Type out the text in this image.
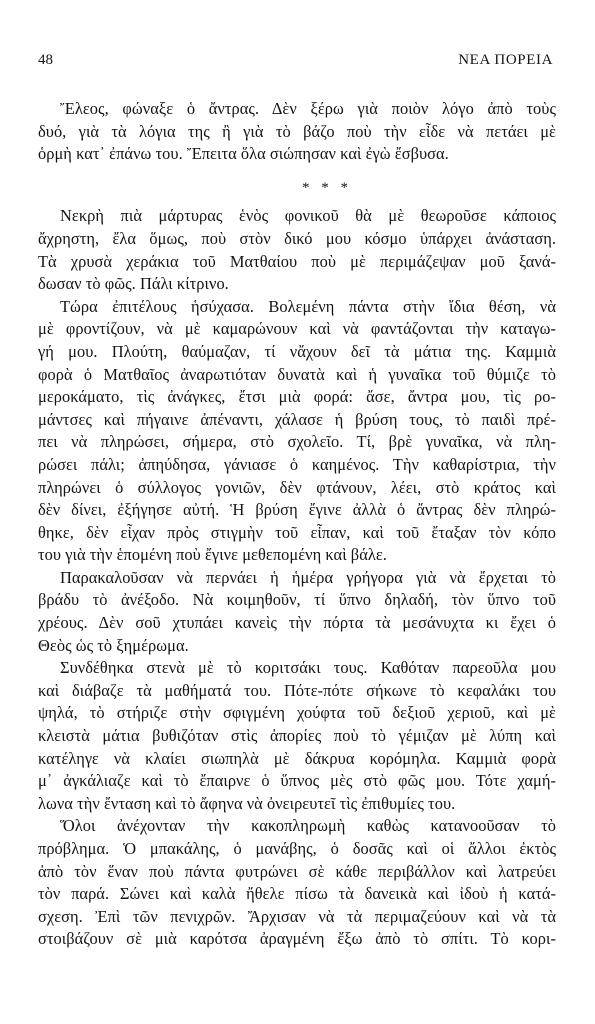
48	ΝΕΑ ΠΟΡΕΙΑ
Ἔλεος, φώναξε ὁ ἄντρας. Δὲν ξέρω γιὰ ποιὸν λόγο ἀπὸ τοὺς
δυό, γιὰ τὰ λόγια της ἢ γιὰ τὸ βάζο ποὺ τὴν εἶδε νὰ πετάει μὲ
ὁρμὴ κατ᾽ ἐπάνω του. Ἔπειτα ὅλα σιώπησαν καὶ ἐγὼ ἔσβυσα.
* * *
Νεκρὴ πιὰ μάρτυρας ἑνὸς φονικοῦ θὰ μὲ θεωροῦσε κάποιος
ἄχρηστη, ἔλα ὅμως, ποὺ στὸν δικό μου κόσμο ὑπάρχει ἀνάσταση.
Τὰ χρυσὰ χεράκια τοῦ Ματθαίου ποὺ μὲ περιμάζεψαν μοῦ ξανά-
δωσαν τὸ φῶς. Πάλι κίτρινο.
Τώρα ἐπιτέλους ἡσύχασα. Βολεμένη πάντα στὴν ἴδια θέση, νὰ
μὲ φροντίζουν, νὰ μὲ καμαρώνουν καὶ νὰ φαντάζονται τὴν καταγω-
γή μου. Πλούτη, θαύμαζαν, τί νἄχουν δεῖ τὰ μάτια της. Καμμιὰ
φορὰ ὁ Ματθαῖος ἀναρωτιόταν δυνατὰ καὶ ἡ γυναῖκα τοῦ θύμιζε τὸ
μεροκάματο, τὶς ἀνάγκες, ἔτσι μιὰ φορά: ἄσε, ἄντρα μου, τὶς ρο-
μάντσες καὶ πήγαινε ἀπέναντι, χάλασε ἡ βρύση τους, τὸ παιδὶ πρέ-
πει νὰ πληρώσει, σήμερα, στὸ σχολεῖο. Τί, βρὲ γυναῖκα, νὰ πλη-
ρώσει πάλι; ἀπηύδησα, γάνιασε ὁ καημένος. Τὴν καθαρίστρια, τὴν
πληρώνει ὁ σύλλογος γονιῶν, δὲν φτάνουν, λέει, στὸ κράτος καὶ
δὲν δίνει, ἐξήγησε αὐτή. Ἡ βρύση ἔγινε ἀλλὰ ὁ ἄντρας δὲν πληρώ-
θηκε, δὲν εἶχαν πρὸς στιγμὴν τοῦ εἶπαν, καὶ τοῦ ἔταξαν τὸν κόπο
του γιὰ τὴν ἑπομένη ποὺ ἔγινε μεθεπομένη καὶ βάλε.
Παρακαλοῦσαν νὰ περνάει ἡ ἡμέρα γρήγορα γιὰ νὰ ἔρχεται τὸ
βράδυ τὸ ἀνέξοδο. Νὰ κοιμηθοῦν, τί ὕπνο δηλαδή, τὸν ὕπνο τοῦ
χρέους. Δὲν σοῦ χτυπάει κανεὶς τὴν πόρτα τὰ μεσάνυχτα κι ἔχει ὁ
Θεὸς ὡς τὸ ξημέρωμα.
Συνδέθηκα στενὰ μὲ τὸ κοριτσάκι τους. Καθόταν παρεοῦλα μου
καὶ διάβαζε τὰ μαθήματά του. Πότε-πότε σήκωνε τὸ κεφαλάκι του
ψηλά, τὸ στήριζε στὴν σφιγμένη χούφτα τοῦ δεξιοῦ χεριοῦ, καὶ μὲ
κλειστὰ μάτια βυθιζόταν στὶς ἀπορίες ποὺ τὸ γέμιζαν μὲ λύπη καὶ
κατέληγε νὰ κλαίει σιωπηλὰ μὲ δάκρυα κορόμηλα. Καμμιὰ φορὰ
μ᾽ ἀγκάλιαζε καὶ τὸ ἔπαιρνε ὁ ὕπνος μὲς στὸ φῶς μου. Τότε χαμή-
λωνα τὴν ἔνταση καὶ τὸ ἄφηνα νὰ ὀνειρευτεῖ τὶς ἐπιθυμίες του.
Ὅλοι ἀνέχονταν τὴν κακοπληρωμὴ καθὼς κατανοοῦσαν τὸ
πρόβλημα. Ὁ μπακάλης, ὁ μανάβης, ὁ δοσᾶς καὶ οἱ ἄλλοι ἐκτὸς
ἀπὸ τὸν ἕναν ποὺ πάντα φυτρώνει σὲ κάθε περιβάλλον καὶ λατρεύει
τὸν παρά. Σώνει καὶ καλὰ ἤθελε πίσω τὰ δανεικὰ καὶ ἰδοὺ ἡ κατά-
σχεση. Ἐπὶ τῶν πενιχρῶν. Ἄρχισαν νὰ τὰ περιμαζεύουν καὶ νὰ τὰ
στοιβάζουν σὲ μιὰ καρότσα ἀραγμένη ἔξω ἀπὸ τὸ σπίτι. Τὸ κορι-
